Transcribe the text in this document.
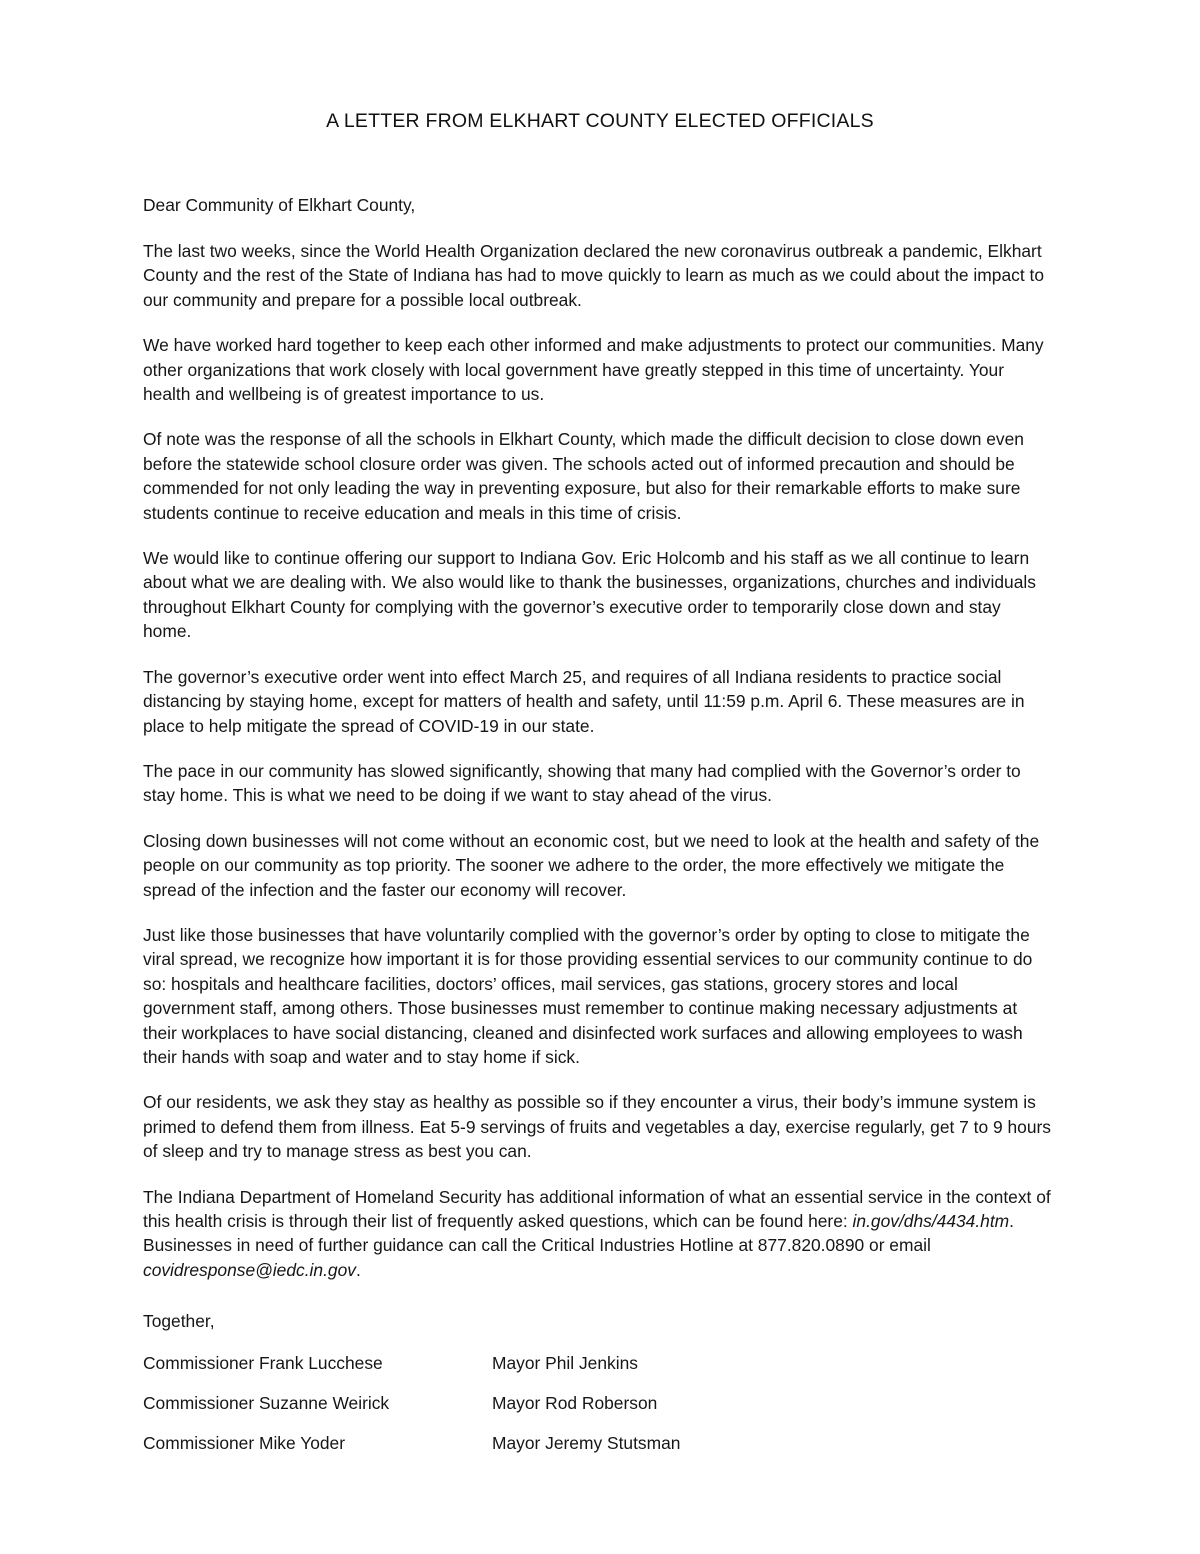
A LETTER FROM ELKHART COUNTY ELECTED OFFICIALS

Dear Community of Elkhart County,

The last two weeks, since the World Health Organization declared the new coronavirus outbreak a pandemic, Elkhart County and the rest of the State of Indiana has had to move quickly to learn as much as we could about the impact to our community and prepare for a possible local outbreak.

We have worked hard together to keep each other informed and make adjustments to protect our communities. Many other organizations that work closely with local government have greatly stepped in this time of uncertainty. Your health and wellbeing is of greatest importance to us.

Of note was the response of all the schools in Elkhart County, which made the difficult decision to close down even before the statewide school closure order was given. The schools acted out of informed precaution and should be commended for not only leading the way in preventing exposure, but also for their remarkable efforts to make sure students continue to receive education and meals in this time of crisis.

We would like to continue offering our support to Indiana Gov. Eric Holcomb and his staff as we all continue to learn about what we are dealing with. We also would like to thank the businesses, organizations, churches and individuals throughout Elkhart County for complying with the governor’s executive order to temporarily close down and stay home.

The governor’s executive order went into effect March 25, and requires of all Indiana residents to practice social distancing by staying home, except for matters of health and safety, until 11:59 p.m. April 6. These measures are in place to help mitigate the spread of COVID-19 in our state.

The pace in our community has slowed significantly, showing that many had complied with the Governor’s order to stay home. This is what we need to be doing if we want to stay ahead of the virus.

Closing down businesses will not come without an economic cost, but we need to look at the health and safety of the people on our community as top priority. The sooner we adhere to the order, the more effectively we mitigate the spread of the infection and the faster our economy will recover.

Just like those businesses that have voluntarily complied with the governor’s order by opting to close to mitigate the viral spread, we recognize how important it is for those providing essential services to our community continue to do so: hospitals and healthcare facilities, doctors’ offices, mail services, gas stations, grocery stores and local government staff, among others. Those businesses must remember to continue making necessary adjustments at their workplaces to have social distancing, cleaned and disinfected work surfaces and allowing employees to wash their hands with soap and water and to stay home if sick.

Of our residents, we ask they stay as healthy as possible so if they encounter a virus, their body’s immune system is primed to defend them from illness. Eat 5-9 servings of fruits and vegetables a day, exercise regularly, get 7 to 9 hours of sleep and try to manage stress as best you can.

The Indiana Department of Homeland Security has additional information of what an essential service in the context of this health crisis is through their list of frequently asked questions, which can be found here: in.gov/dhs/4434.htm. Businesses in need of further guidance can call the Critical Industries Hotline at 877.820.0890 or email covidresponse@iedc.in.gov.

Together,

Commissioner Frank Lucchese	Mayor Phil Jenkins
Commissioner Suzanne Weirick	Mayor Rod Roberson
Commissioner Mike Yoder	Mayor Jeremy Stutsman
